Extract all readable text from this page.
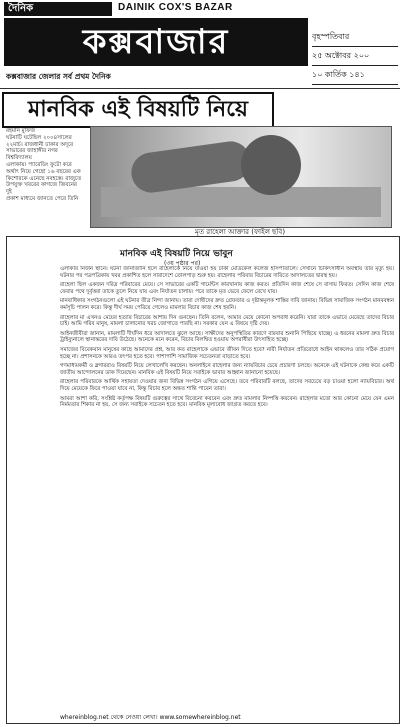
দৈনিক	DAINIK COX'S BAZAR
কক্সবাজার
কক্সবাজার জেলার সর্ব প্রথম দৈনিক
বৃহস্পতিবার
২৫ অক্টোবর ২০০
১০ কার্তিক ১৪১
মানবিক এই বিষয়টি নিয়ে
রহমান মুফিজ
ঘটনাটি ঘটেছিল ২০০৪সালের
২২মার্চ। রাজধানী ঢাকার অদূরে
সাভারের জাহাঙ্গীর নগর বিশ্ববিদ্যালয়
এলাকায়। প্যারেডিং ফুটো করে
অর্থাৎ নিয়ে গেছো ১৬ বছরের এক
কিশোরকে এনেছে নবহস্তে। রাজুতে
উপযুক্ত খবরের কাগজে জিবনের দুই
প্রকাশ মাধ্যমে জানতে পেরে তিনি
মৃত রাহেলা আক্তার (ফাইল ছবি)
মানবিক এই বিষয়টি নিয়ে ভাবুন
(৩য় পৃষ্ঠার পর)

এলাকার নির্জন স্থানে। ঘটনা জানাজানি হলে রাহেলাকে নিয়ে যাওয়া হয় ঢাকা মেডিকেল কলেজ হাসপাতালে। সেখানে চিকিৎসাধীন অবস্থায় তার মৃত্যু হয়। ঘটনার পর পত্রপত্রিকায় খবর প্রকাশিত হলে সারাদেশে তোলপাড় শুরু হয়। রাহেলার পরিবার বিচারের দাবিতে আদালতের দ্বারস্থ হয়।

রাহেলা ছিল একজন দরিদ্র পরিবারের মেয়ে। সে সাভারের একটি গার্মেন্টস কারখানায় কাজ করত। প্রতিদিন কাজ শেষে সে বাসায় ফিরত। সেদিন কাজ শেষে ফেরার পথে দুর্বৃত্তরা তাকে তুলে নিয়ে যায় এবং নির্যাতন চালায়। পরে তাকে মৃত ভেবে ফেলে রেখে যায়।

মানবাধিকার সংগঠনগুলো এই ঘটনার তীব্র নিন্দা জানায়। তারা দোষীদের দ্রুত গ্রেফতার ও দৃষ্টান্তমূলক শাস্তির দাবি জানায়। বিভিন্ন সামাজিক সংগঠন মানববন্ধন কর্মসূচি পালন করে। কিন্তু দীর্ঘ সময় পেরিয়ে গেলেও মামলার বিচার কাজ শেষ হয়নি।

রাহেলার মা এখনও মেয়ের হত্যার বিচারের আশায় দিন গুনছেন। তিনি বলেন, আমার মেয়ে কোনো অপরাধ করেনি। যারা তাকে এভাবে মেরেছে তাদের বিচার চাই। আমি গরিব মানুষ, মামলা চালানোর খরচ জোগাতে পারছি না। সরকার যেন এ বিষয়ে দৃষ্টি দেয়।

আইনজীবীরা জানান, মামলাটি দীর্ঘদিন ধরে আদালতে ঝুলে আছে। সাক্ষীদের অনুপস্থিতির কারণে বারবার শুনানি পিছিয়ে যাচ্ছে। এ ধরনের মামলা দ্রুত বিচার ট্রাইব্যুনালে স্থানান্তরের দাবি উঠেছে। অনেকে মনে করেন, বিচার বিলম্বিত হওয়ায় অপরাধীরা উৎসাহিত হচ্ছে।

সমাজের বিবেকবান মানুষের কাছে আমাদের প্রশ্ন, আর কত রাহেলাকে এভাবে জীবন দিতে হবে? নারী নির্যাতন প্রতিরোধে আইন থাকলেও তার সঠিক প্রয়োগ হচ্ছে না। প্রশাসনকে আরও তৎপর হতে হবে। পাশাপাশি সামাজিক সচেতনতা বাড়াতে হবে।

গণমাধ্যমকর্মী ও ব্লগাররাও বিষয়টি নিয়ে লেখালেখি করছেন। অনলাইনে রাহেলার জন্য ন্যায়বিচার চেয়ে প্রচারণা চলছে। অনেকে এই ঘটনাকে কেন্দ্র করে একটি জাতীয় আন্দোলনের ডাক দিয়েছেন। মানবিক এই বিষয়টি নিয়ে সবাইকে ভাবার আহ্বান জানানো হয়েছে।

রাহেলার পরিবারকে আর্থিক সহায়তা দেওয়ার জন্য বিভিন্ন সংগঠন এগিয়ে এসেছে। তবে পরিবারটি বলছে, তাদের সবচেয়ে বড় চাওয়া হলো ন্যায়বিচার। অর্থ দিয়ে মেয়েকে ফিরে পাওয়া যাবে না, কিন্তু বিচার হলে অন্তত শান্তি পাবেন তারা।

আমরা আশা করি, সংশ্লিষ্ট কর্তৃপক্ষ বিষয়টি গুরুত্বের সাথে বিবেচনা করবেন এবং দ্রুত মামলার নিষ্পত্তি করবেন। রাহেলার মতো আর কোনো মেয়ে যেন এমন নির্মমতার শিকার না হয়, সে জন্য সবাইকে সচেতন হতে হবে। মানবিক মূল্যবোধ জাগ্রত করতে হবে।

whereinblog.net থেকে নেওয়া লেখা। www.somewhereinblog.net
